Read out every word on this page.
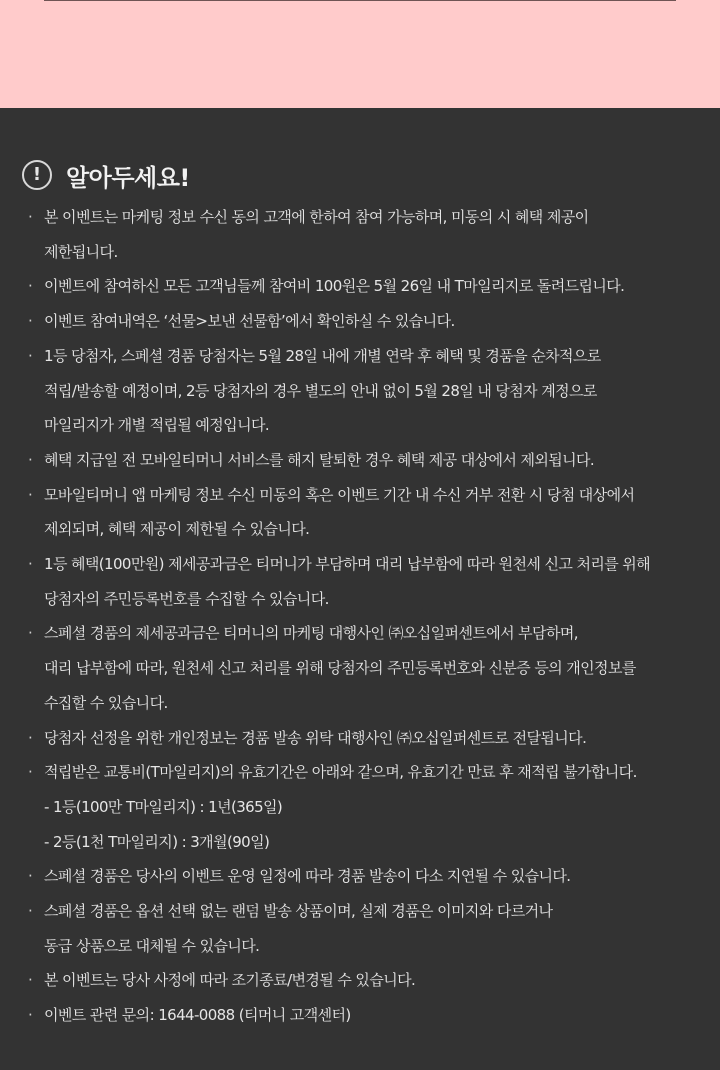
!	알아두세요!
· 본 이벤트는 마케팅 정보 수신 동의 고객에 한하여 참여 가능하며, 미동의 시 혜택 제공이
제한됩니다.
· 이벤트에 참여하신 모든 고객님들께 참여비 100원은 5월 26일 내 T마일리지로 돌려드립니다.
· 이벤트 참여내역은 ‘선물>보낸 선물함’에서 확인하실 수 있습니다.
· 1등 당첨자, 스페셜 경품 당첨자는 5월 28일 내에 개별 연락 후 혜택 및 경품을 순차적으로
적립/발송할 예정이며, 2등 당첨자의 경우 별도의 안내 없이 5월 28일 내 당첨자 계정으로
마일리지가 개별 적립될 예정입니다.
· 혜택 지급일 전 모바일티머니 서비스를 해지 탈퇴한 경우 혜택 제공 대상에서 제외됩니다.
· 모바일티머니 앱 마케팅 정보 수신 미동의 혹은 이벤트 기간 내 수신 거부 전환 시 당첨 대상에서
제외되며, 혜택 제공이 제한될 수 있습니다.
· 1등 혜택(100만원) 제세공과금은 티머니가 부담하며 대리 납부함에 따라 원천세 신고 처리를 위해
당첨자의 주민등록번호를 수집할 수 있습니다.
· 스페셜 경품의 제세공과금은 티머니의 마케팅 대행사인 ㈜오십일퍼센트에서 부담하며,
대리 납부함에 따라, 원천세 신고 처리를 위해 당첨자의 주민등록번호와 신분증 등의 개인정보를
수집할 수 있습니다.
· 당첨자 선정을 위한 개인정보는 경품 발송 위탁 대행사인 ㈜오십일퍼센트로 전달됩니다.
· 적립받은 교통비(T마일리지)의 유효기간은 아래와 같으며, 유효기간 만료 후 재적립 불가합니다.
- 1등(100만 T마일리지) : 1년(365일)
- 2등(1천 T마일리지) : 3개월(90일)
· 스페셜 경품은 당사의 이벤트 운영 일정에 따라 경품 발송이 다소 지연될 수 있습니다.
· 스페셜 경품은 옵션 선택 없는 랜덤 발송 상품이며, 실제 경품은 이미지와 다르거나
동급 상품으로 대체될 수 있습니다.
· 본 이벤트는 당사 사정에 따라 조기종료/변경될 수 있습니다.
· 이벤트 관련 문의: 1644-0088 (티머니 고객센터)
